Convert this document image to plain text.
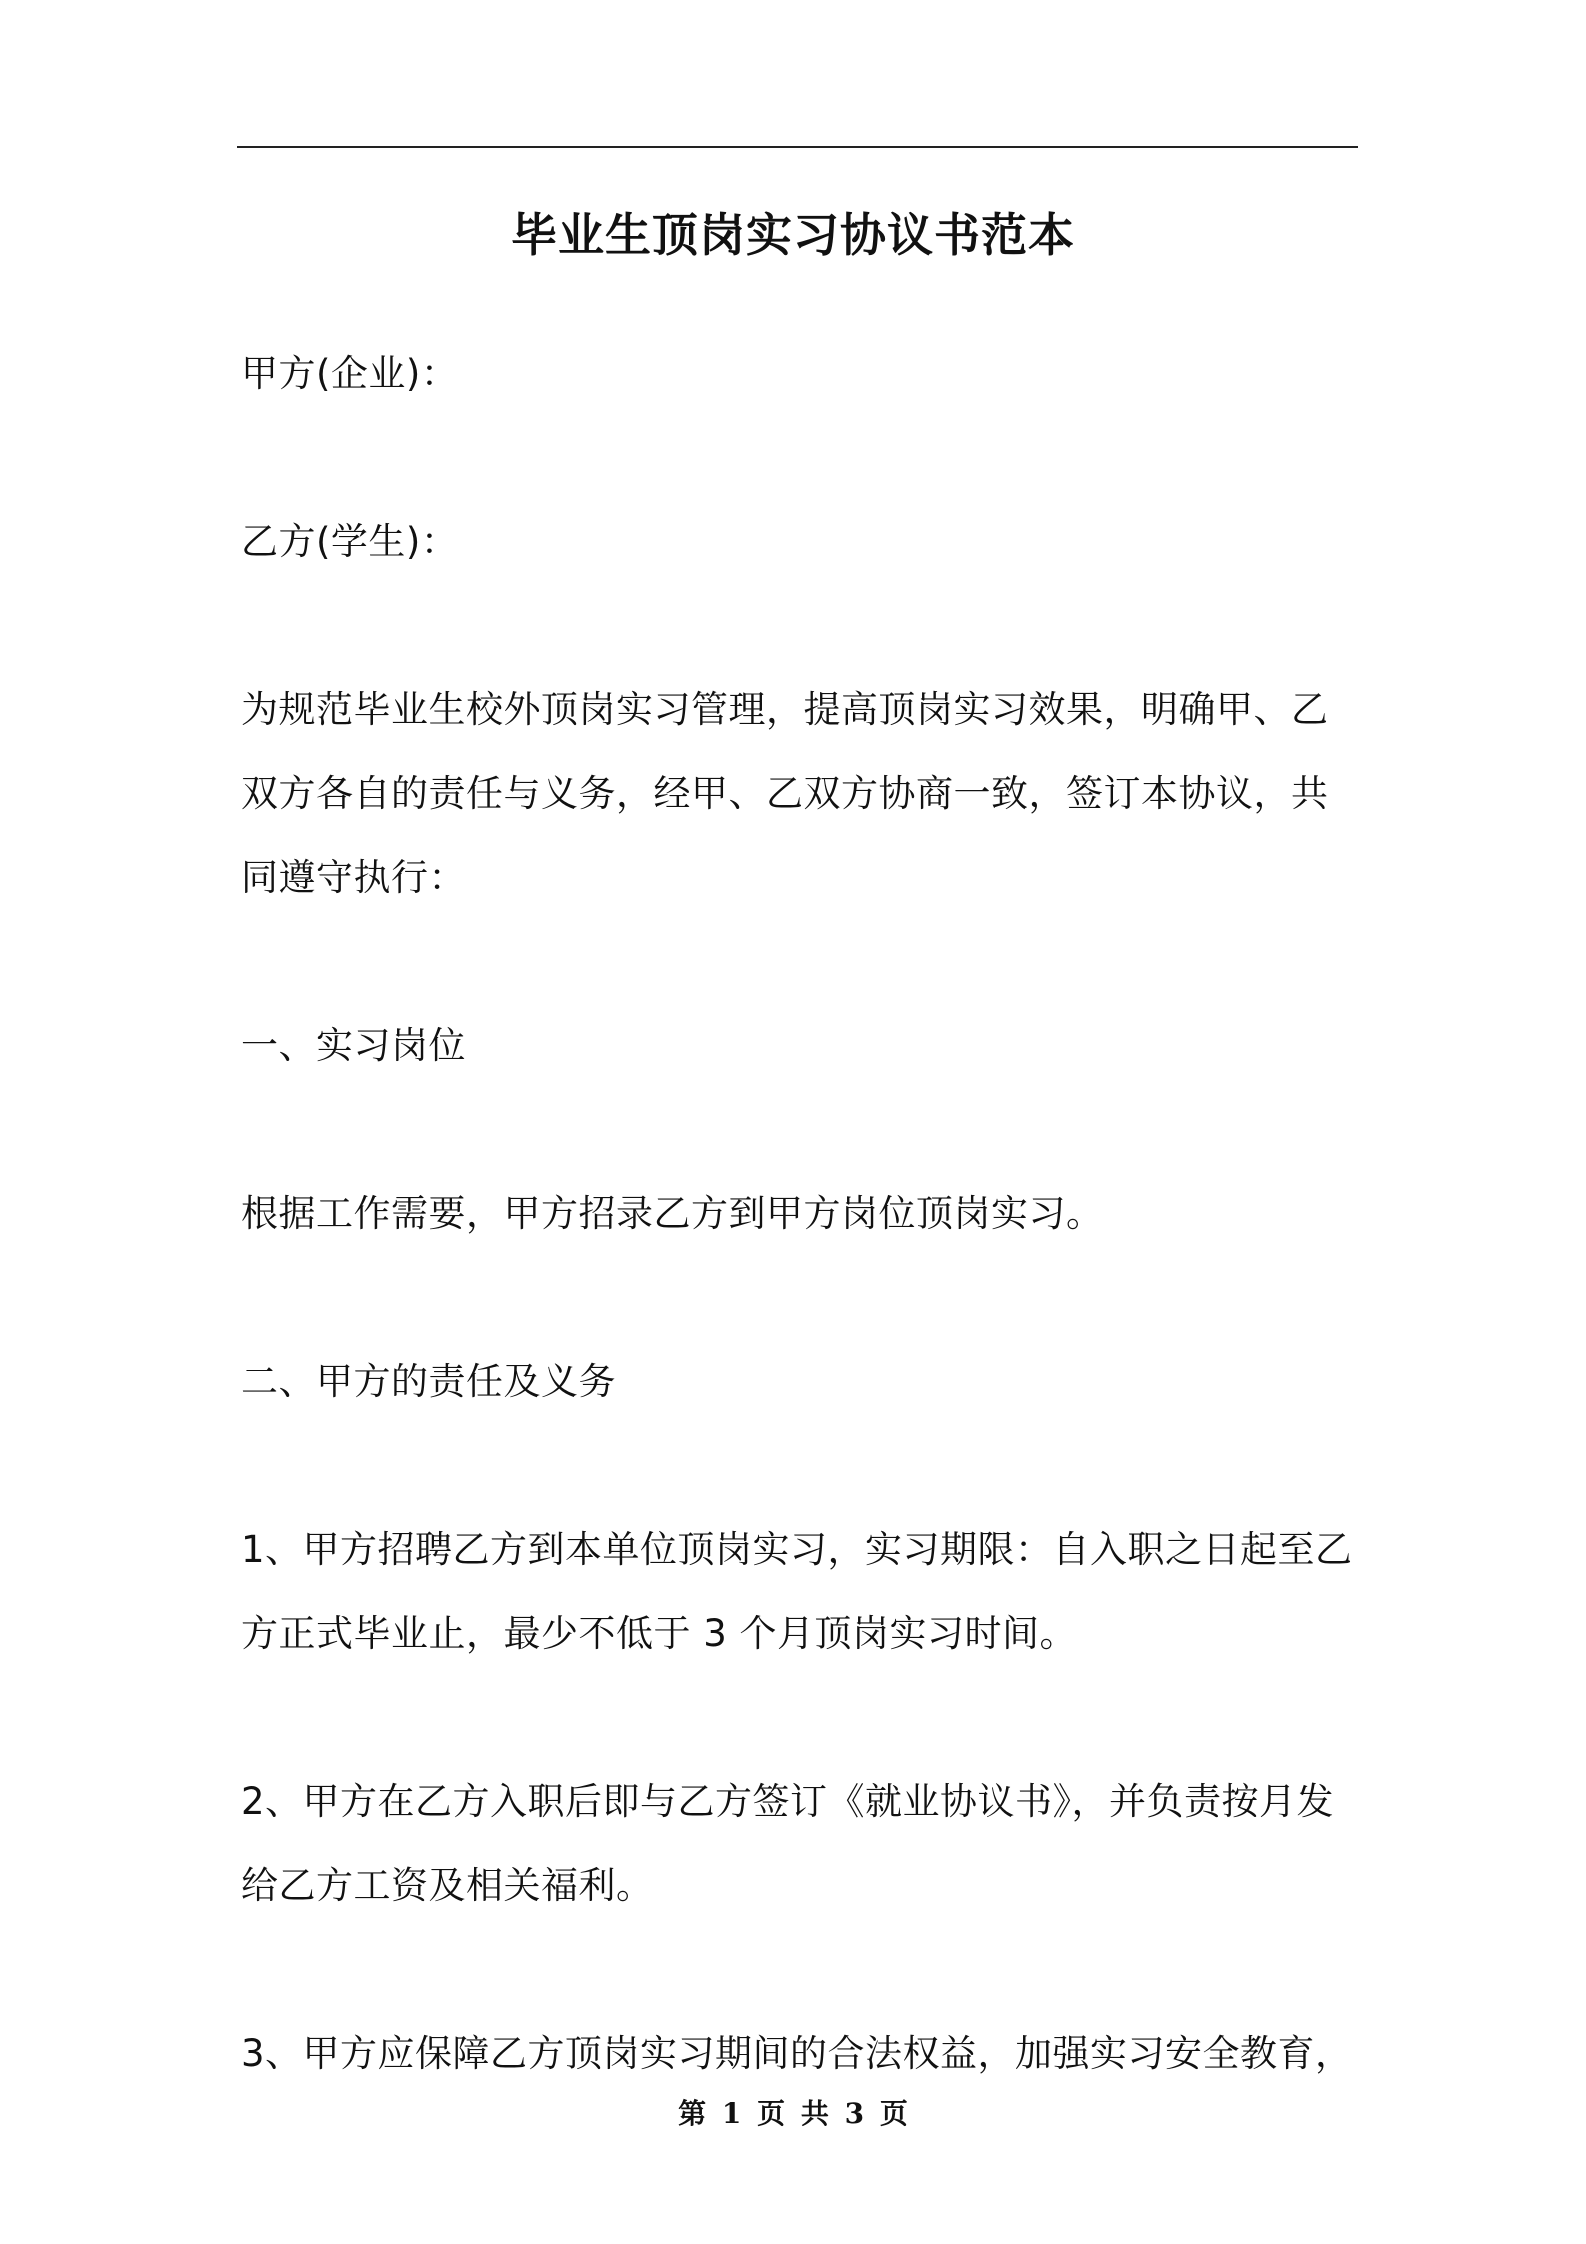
毕业生顶岗实习协议书范本

甲方(企业)：

乙方(学生)：

为规范毕业生校外顶岗实习管理，提高顶岗实习效果，明确甲、乙双方各自的责任与义务，经甲、乙双方协商一致，签订本协议，共同遵守执行：

一、实习岗位

根据工作需要，甲方招录乙方到甲方岗位顶岗实习。

二、甲方的责任及义务

1、甲方招聘乙方到本单位顶岗实习，实习期限：自入职之日起至乙方正式毕业止，最少不低于 3 个月顶岗实习时间。

2、甲方在乙方入职后即与乙方签订《就业协议书》，并负责按月发给乙方工资及相关福利。

3、甲方应保障乙方顶岗实习期间的合法权益，加强实习安全教育，

第 1 页 共 3 页
